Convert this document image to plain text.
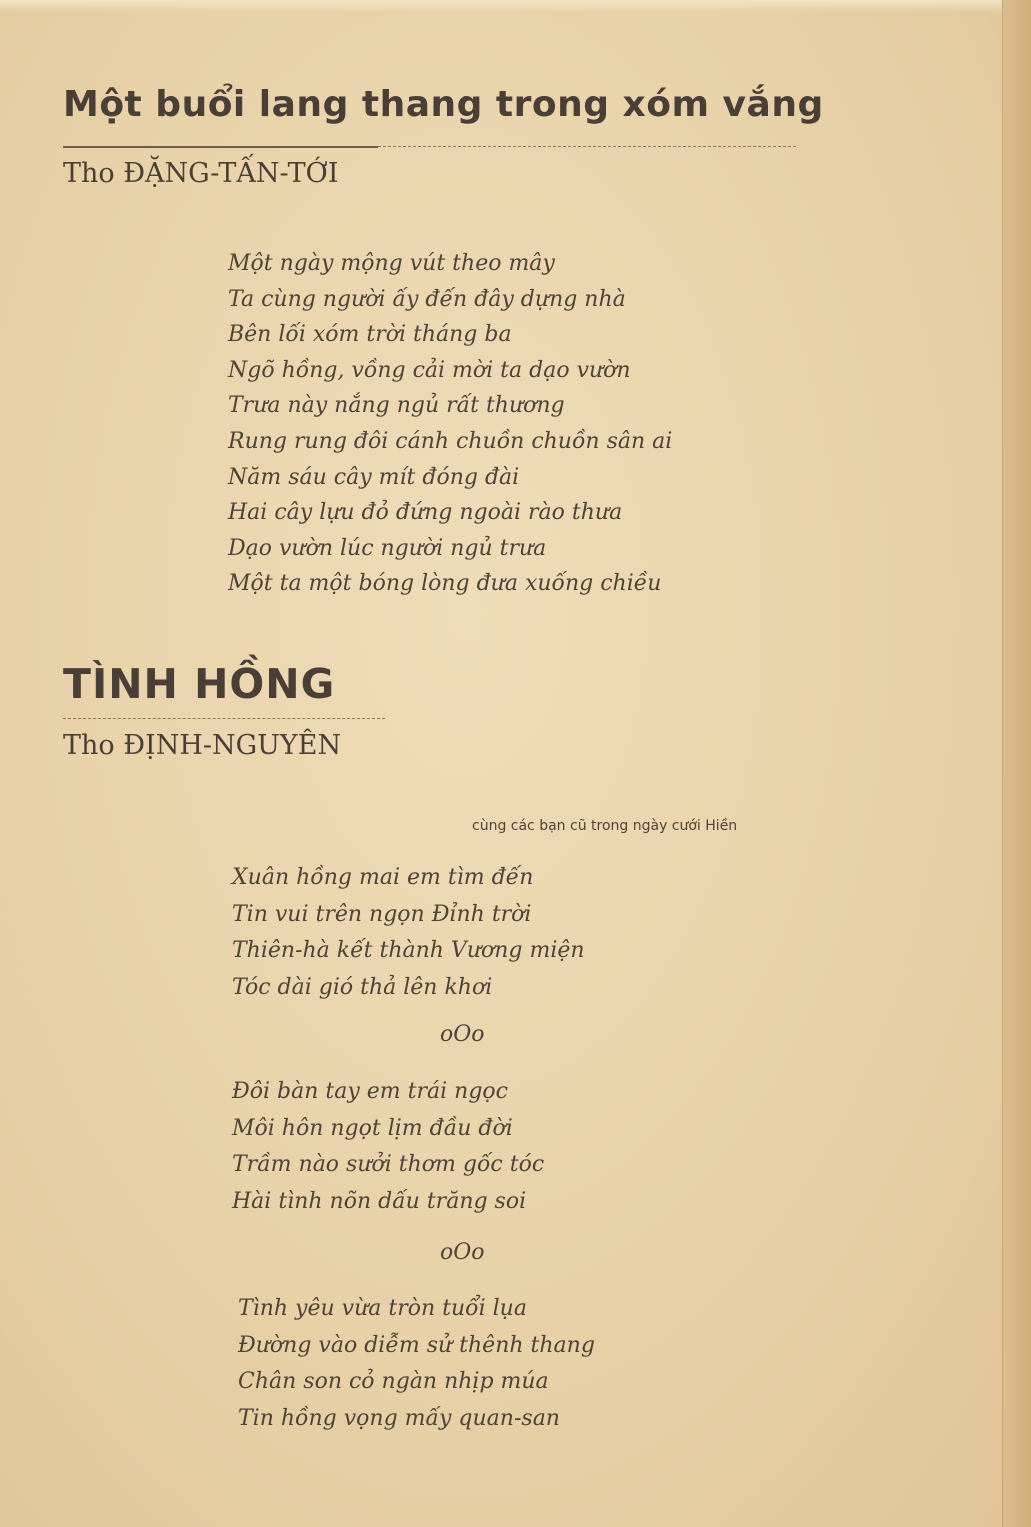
Một buổi lang thang trong xóm vắng
Tho ĐẶNG-TẤN-TỚI
Một ngày mộng vút theo mây
Ta cùng người ấy đến đây dựng nhà
Bên lối xóm trời tháng ba
Ngõ hồng, vồng cải mời ta dạo vườn
Trưa này nắng ngủ rất thương
Rung rung đôi cánh chuồn chuồn sân ai
Năm sáu cây mít đóng đài
Hai cây lựu đỏ đứng ngoài rào thưa
Dạo vườn lúc người ngủ trưa
Một ta một bóng lòng đưa xuống chiều
TÌNH HỒNG
Tho ĐỊNH-NGUYÊN
cùng các bạn cũ trong ngày cưới Hiền
Xuân hồng mai em tìm đến
Tin vui trên ngọn Đỉnh trời
Thiên-hà kết thành Vương miện
Tóc dài gió thả lên khơi
oOo
Đôi bàn tay em trái ngọc
Môi hôn ngọt lịm đầu đời
Trầm nào sưởi thơm gốc tóc
Hài tình nõn dấu trăng soi
oOo
Tình yêu vừa tròn tuổi lụa
Đường vào diễm sử thênh thang
Chân son cỏ ngàn nhịp múa
Tin hồng vọng mấy quan-san
